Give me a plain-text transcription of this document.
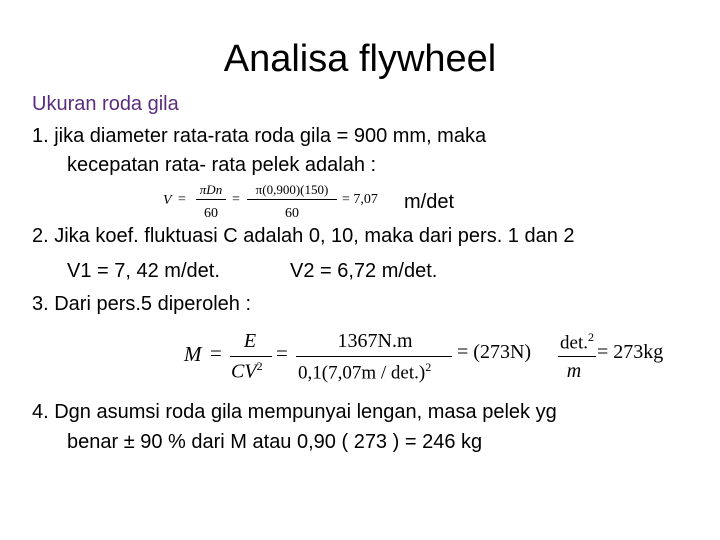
Analisa flywheel
Ukuran roda gila
1. jika diameter rata-rata roda gila = 900 mm, maka
kecepatan rata- rata pelek adalah :
V =
πDn
60
=
π(0,900)(150)
60
= 7,07 m/det
2. Jika koef. fluktuasi C adalah 0, 10, maka dari pers. 1 dan 2
V1 = 7, 42 m/det.	V2 = 6,72 m/det.
3. Dari pers.5 diperoleh :
M =	E
$CV^2$
=	1367N.m
0,1(7,07m / det.)$^2$
= (273N) det.$^2$
m
= 273kg
4. Dgn asumsi roda gila mempunyai lengan, masa pelek yg
benar ± 90 % dari M atau 0,90 ( 273 ) = 246 kg
